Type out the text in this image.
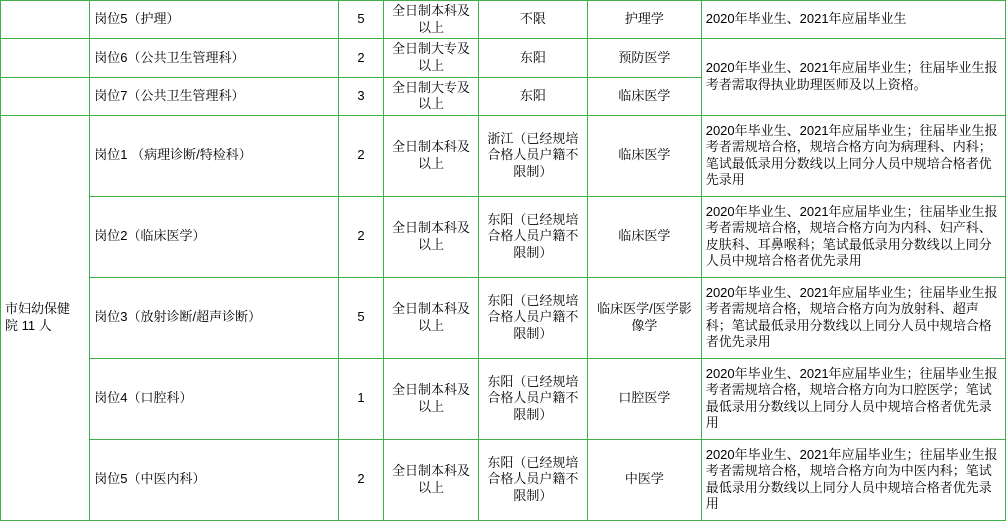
	岗位5（护理）	5	全日制本科及以上	不限	护理学	2020年毕业生、2021年应届毕业生
	岗位6（公共卫生管理科）	2	全日制大专及以上	东阳	预防医学	2020年毕业生、2021年应届毕业生；往届毕业生报考者需取得执业助理医师及以上资格。
	岗位7（公共卫生管理科）	3	全日制大专及以上	东阳	临床医学	

市妇幼保健院 11 人	岗位1 （病理诊断/特检科）	2	全日制本科及以上	浙江（已经规培合格人员户籍不限制）	临床医学	2020年毕业生、2021年应届毕业生；往届毕业生报考者需规培合格，规培合格方向为病理科、内科；笔试最低录用分数线以上同分人员中规培合格者优先录用
	岗位2（临床医学）	2	全日制本科及以上	东阳（已经规培合格人员户籍不限制）	临床医学	2020年毕业生、2021年应届毕业生；往届毕业生报考者需规培合格，规培合格方向为内科、妇产科、皮肤科、耳鼻喉科；笔试最低录用分数线以上同分人员中规培合格者优先录用
	岗位3（放射诊断/超声诊断）	5	全日制本科及以上	东阳（已经规培合格人员户籍不限制）	临床医学/医学影像学	2020年毕业生、2021年应届毕业生；往届毕业生报考者需规培合格，规培合格方向为放射科、超声科；笔试最低录用分数线以上同分人员中规培合格者优先录用
	岗位4（口腔科）	1	全日制本科及以上	东阳（已经规培合格人员户籍不限制）	口腔医学	2020年毕业生、2021年应届毕业生；往届毕业生报考者需规培合格，规培合格方向为口腔医学；笔试最低录用分数线以上同分人员中规培合格者优先录用
	岗位5（中医内科）	2	全日制本科及以上	东阳（已经规培合格人员户籍不限制）	中医学	2020年毕业生、2021年应届毕业生；往届毕业生报考者需规培合格，规培合格方向为中医内科；笔试最低录用分数线以上同分人员中规培合格者优先录用
